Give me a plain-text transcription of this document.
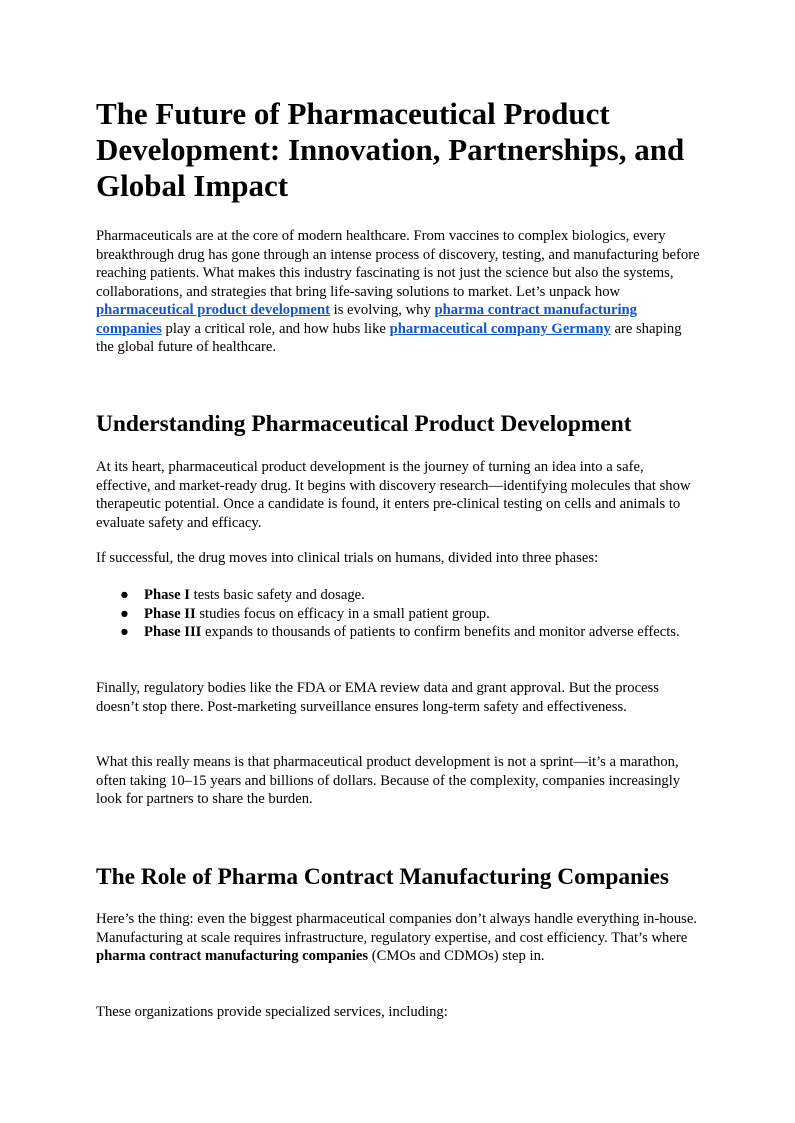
The Future of Pharmaceutical Product Development: Innovation, Partnerships, and Global Impact

Pharmaceuticals are at the core of modern healthcare. From vaccines to complex biologics, every breakthrough drug has gone through an intense process of discovery, testing, and manufacturing before reaching patients. What makes this industry fascinating is not just the science but also the systems, collaborations, and strategies that bring life-saving solutions to market. Let’s unpack how pharmaceutical product development is evolving, why pharma contract manufacturing companies play a critical role, and how hubs like pharmaceutical company Germany are shaping the global future of healthcare.

Understanding Pharmaceutical Product Development

At its heart, pharmaceutical product development is the journey of turning an idea into a safe, effective, and market-ready drug. It begins with discovery research—identifying molecules that show therapeutic potential. Once a candidate is found, it enters pre-clinical testing on cells and animals to evaluate safety and efficacy.

If successful, the drug moves into clinical trials on humans, divided into three phases:

● Phase I tests basic safety and dosage.
● Phase II studies focus on efficacy in a small patient group.
● Phase III expands to thousands of patients to confirm benefits and monitor adverse effects.

Finally, regulatory bodies like the FDA or EMA review data and grant approval. But the process doesn’t stop there. Post-marketing surveillance ensures long-term safety and effectiveness.

What this really means is that pharmaceutical product development is not a sprint—it’s a marathon, often taking 10–15 years and billions of dollars. Because of the complexity, companies increasingly look for partners to share the burden.

The Role of Pharma Contract Manufacturing Companies

Here’s the thing: even the biggest pharmaceutical companies don’t always handle everything in-house. Manufacturing at scale requires infrastructure, regulatory expertise, and cost efficiency. That’s where pharma contract manufacturing companies (CMOs and CDMOs) step in.

These organizations provide specialized services, including:
